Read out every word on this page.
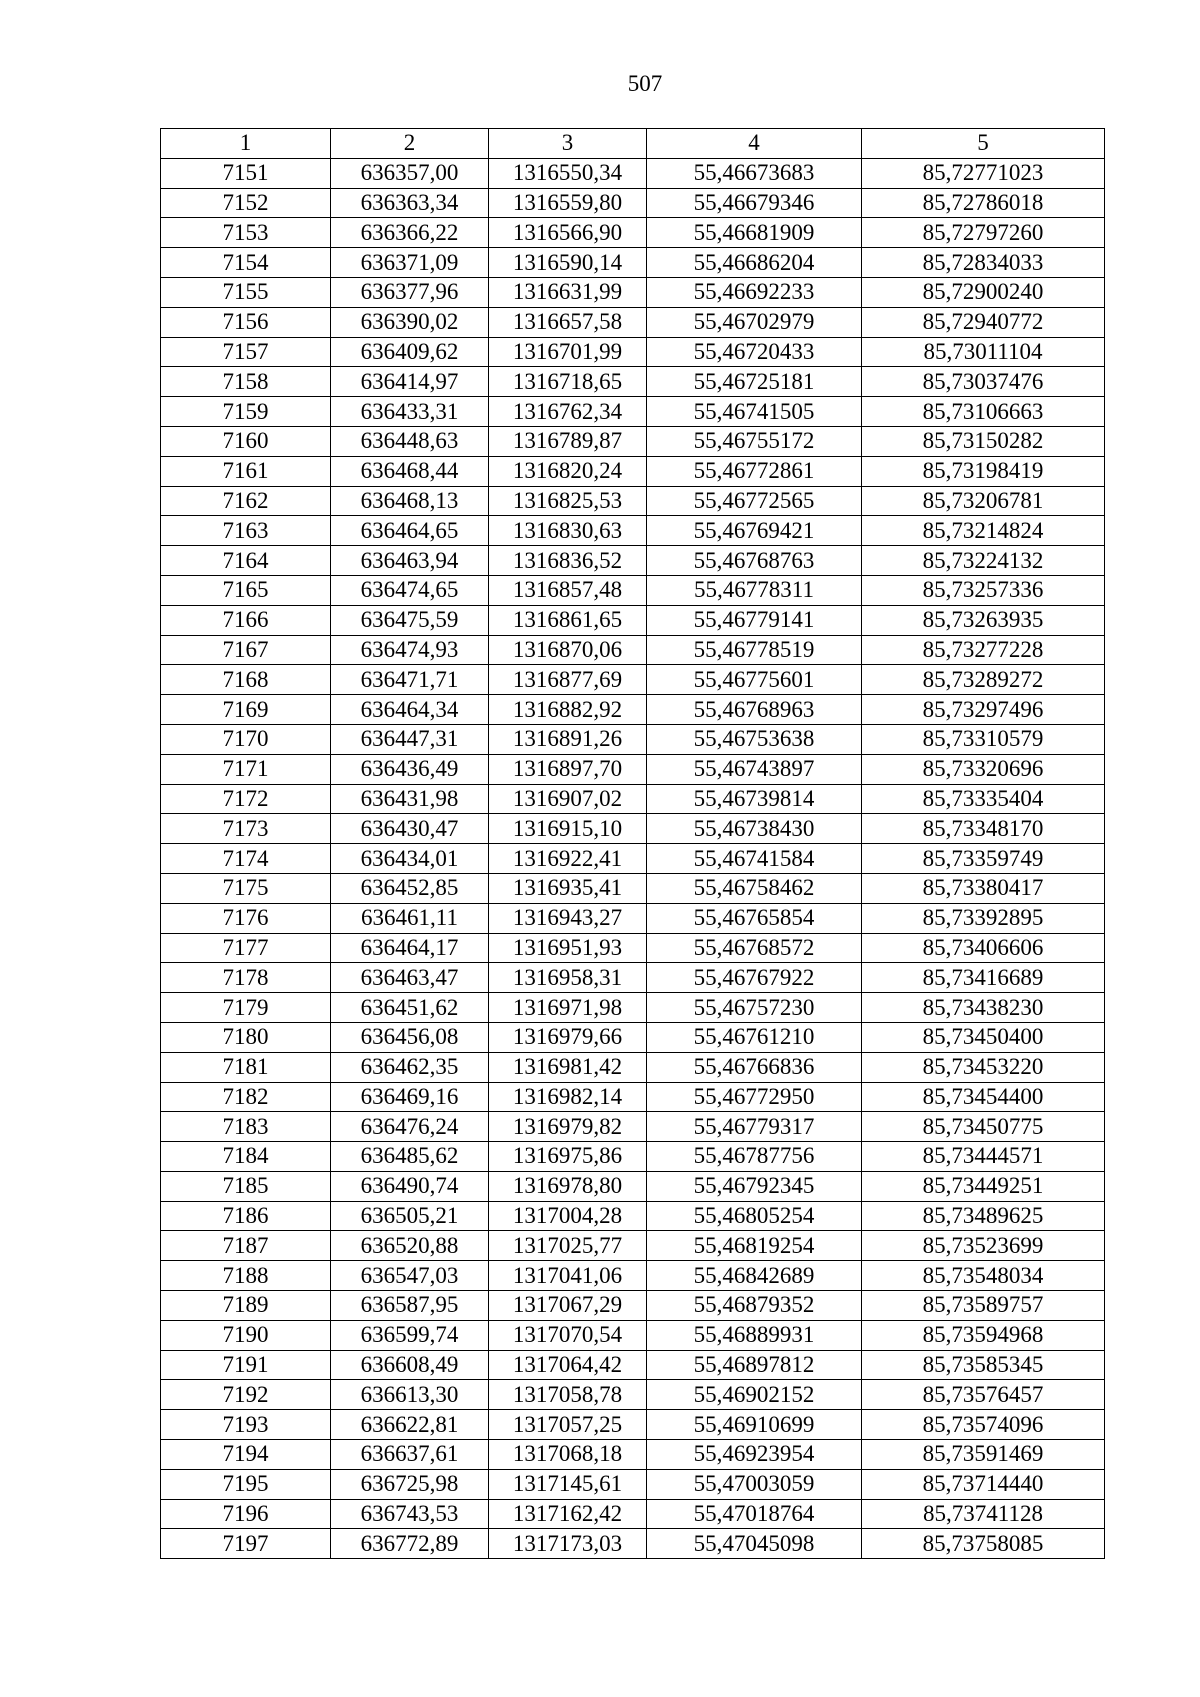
507
1	2	3	4	5
7151	636357,00	1316550,34	55,46673683	85,72771023
7152	636363,34	1316559,80	55,46679346	85,72786018
7153	636366,22	1316566,90	55,46681909	85,72797260
7154	636371,09	1316590,14	55,46686204	85,72834033
7155	636377,96	1316631,99	55,46692233	85,72900240
7156	636390,02	1316657,58	55,46702979	85,72940772
7157	636409,62	1316701,99	55,46720433	85,73011104
7158	636414,97	1316718,65	55,46725181	85,73037476
7159	636433,31	1316762,34	55,46741505	85,73106663
7160	636448,63	1316789,87	55,46755172	85,73150282
7161	636468,44	1316820,24	55,46772861	85,73198419
7162	636468,13	1316825,53	55,46772565	85,73206781
7163	636464,65	1316830,63	55,46769421	85,73214824
7164	636463,94	1316836,52	55,46768763	85,73224132
7165	636474,65	1316857,48	55,46778311	85,73257336
7166	636475,59	1316861,65	55,46779141	85,73263935
7167	636474,93	1316870,06	55,46778519	85,73277228
7168	636471,71	1316877,69	55,46775601	85,73289272
7169	636464,34	1316882,92	55,46768963	85,73297496
7170	636447,31	1316891,26	55,46753638	85,73310579
7171	636436,49	1316897,70	55,46743897	85,73320696
7172	636431,98	1316907,02	55,46739814	85,73335404
7173	636430,47	1316915,10	55,46738430	85,73348170
7174	636434,01	1316922,41	55,46741584	85,73359749
7175	636452,85	1316935,41	55,46758462	85,73380417
7176	636461,11	1316943,27	55,46765854	85,73392895
7177	636464,17	1316951,93	55,46768572	85,73406606
7178	636463,47	1316958,31	55,46767922	85,73416689
7179	636451,62	1316971,98	55,46757230	85,73438230
7180	636456,08	1316979,66	55,46761210	85,73450400
7181	636462,35	1316981,42	55,46766836	85,73453220
7182	636469,16	1316982,14	55,46772950	85,73454400
7183	636476,24	1316979,82	55,46779317	85,73450775
7184	636485,62	1316975,86	55,46787756	85,73444571
7185	636490,74	1316978,80	55,46792345	85,73449251
7186	636505,21	1317004,28	55,46805254	85,73489625
7187	636520,88	1317025,77	55,46819254	85,73523699
7188	636547,03	1317041,06	55,46842689	85,73548034
7189	636587,95	1317067,29	55,46879352	85,73589757
7190	636599,74	1317070,54	55,46889931	85,73594968
7191	636608,49	1317064,42	55,46897812	85,73585345
7192	636613,30	1317058,78	55,46902152	85,73576457
7193	636622,81	1317057,25	55,46910699	85,73574096
7194	636637,61	1317068,18	55,46923954	85,73591469
7195	636725,98	1317145,61	55,47003059	85,73714440
7196	636743,53	1317162,42	55,47018764	85,73741128
7197	636772,89	1317173,03	55,47045098	85,73758085
